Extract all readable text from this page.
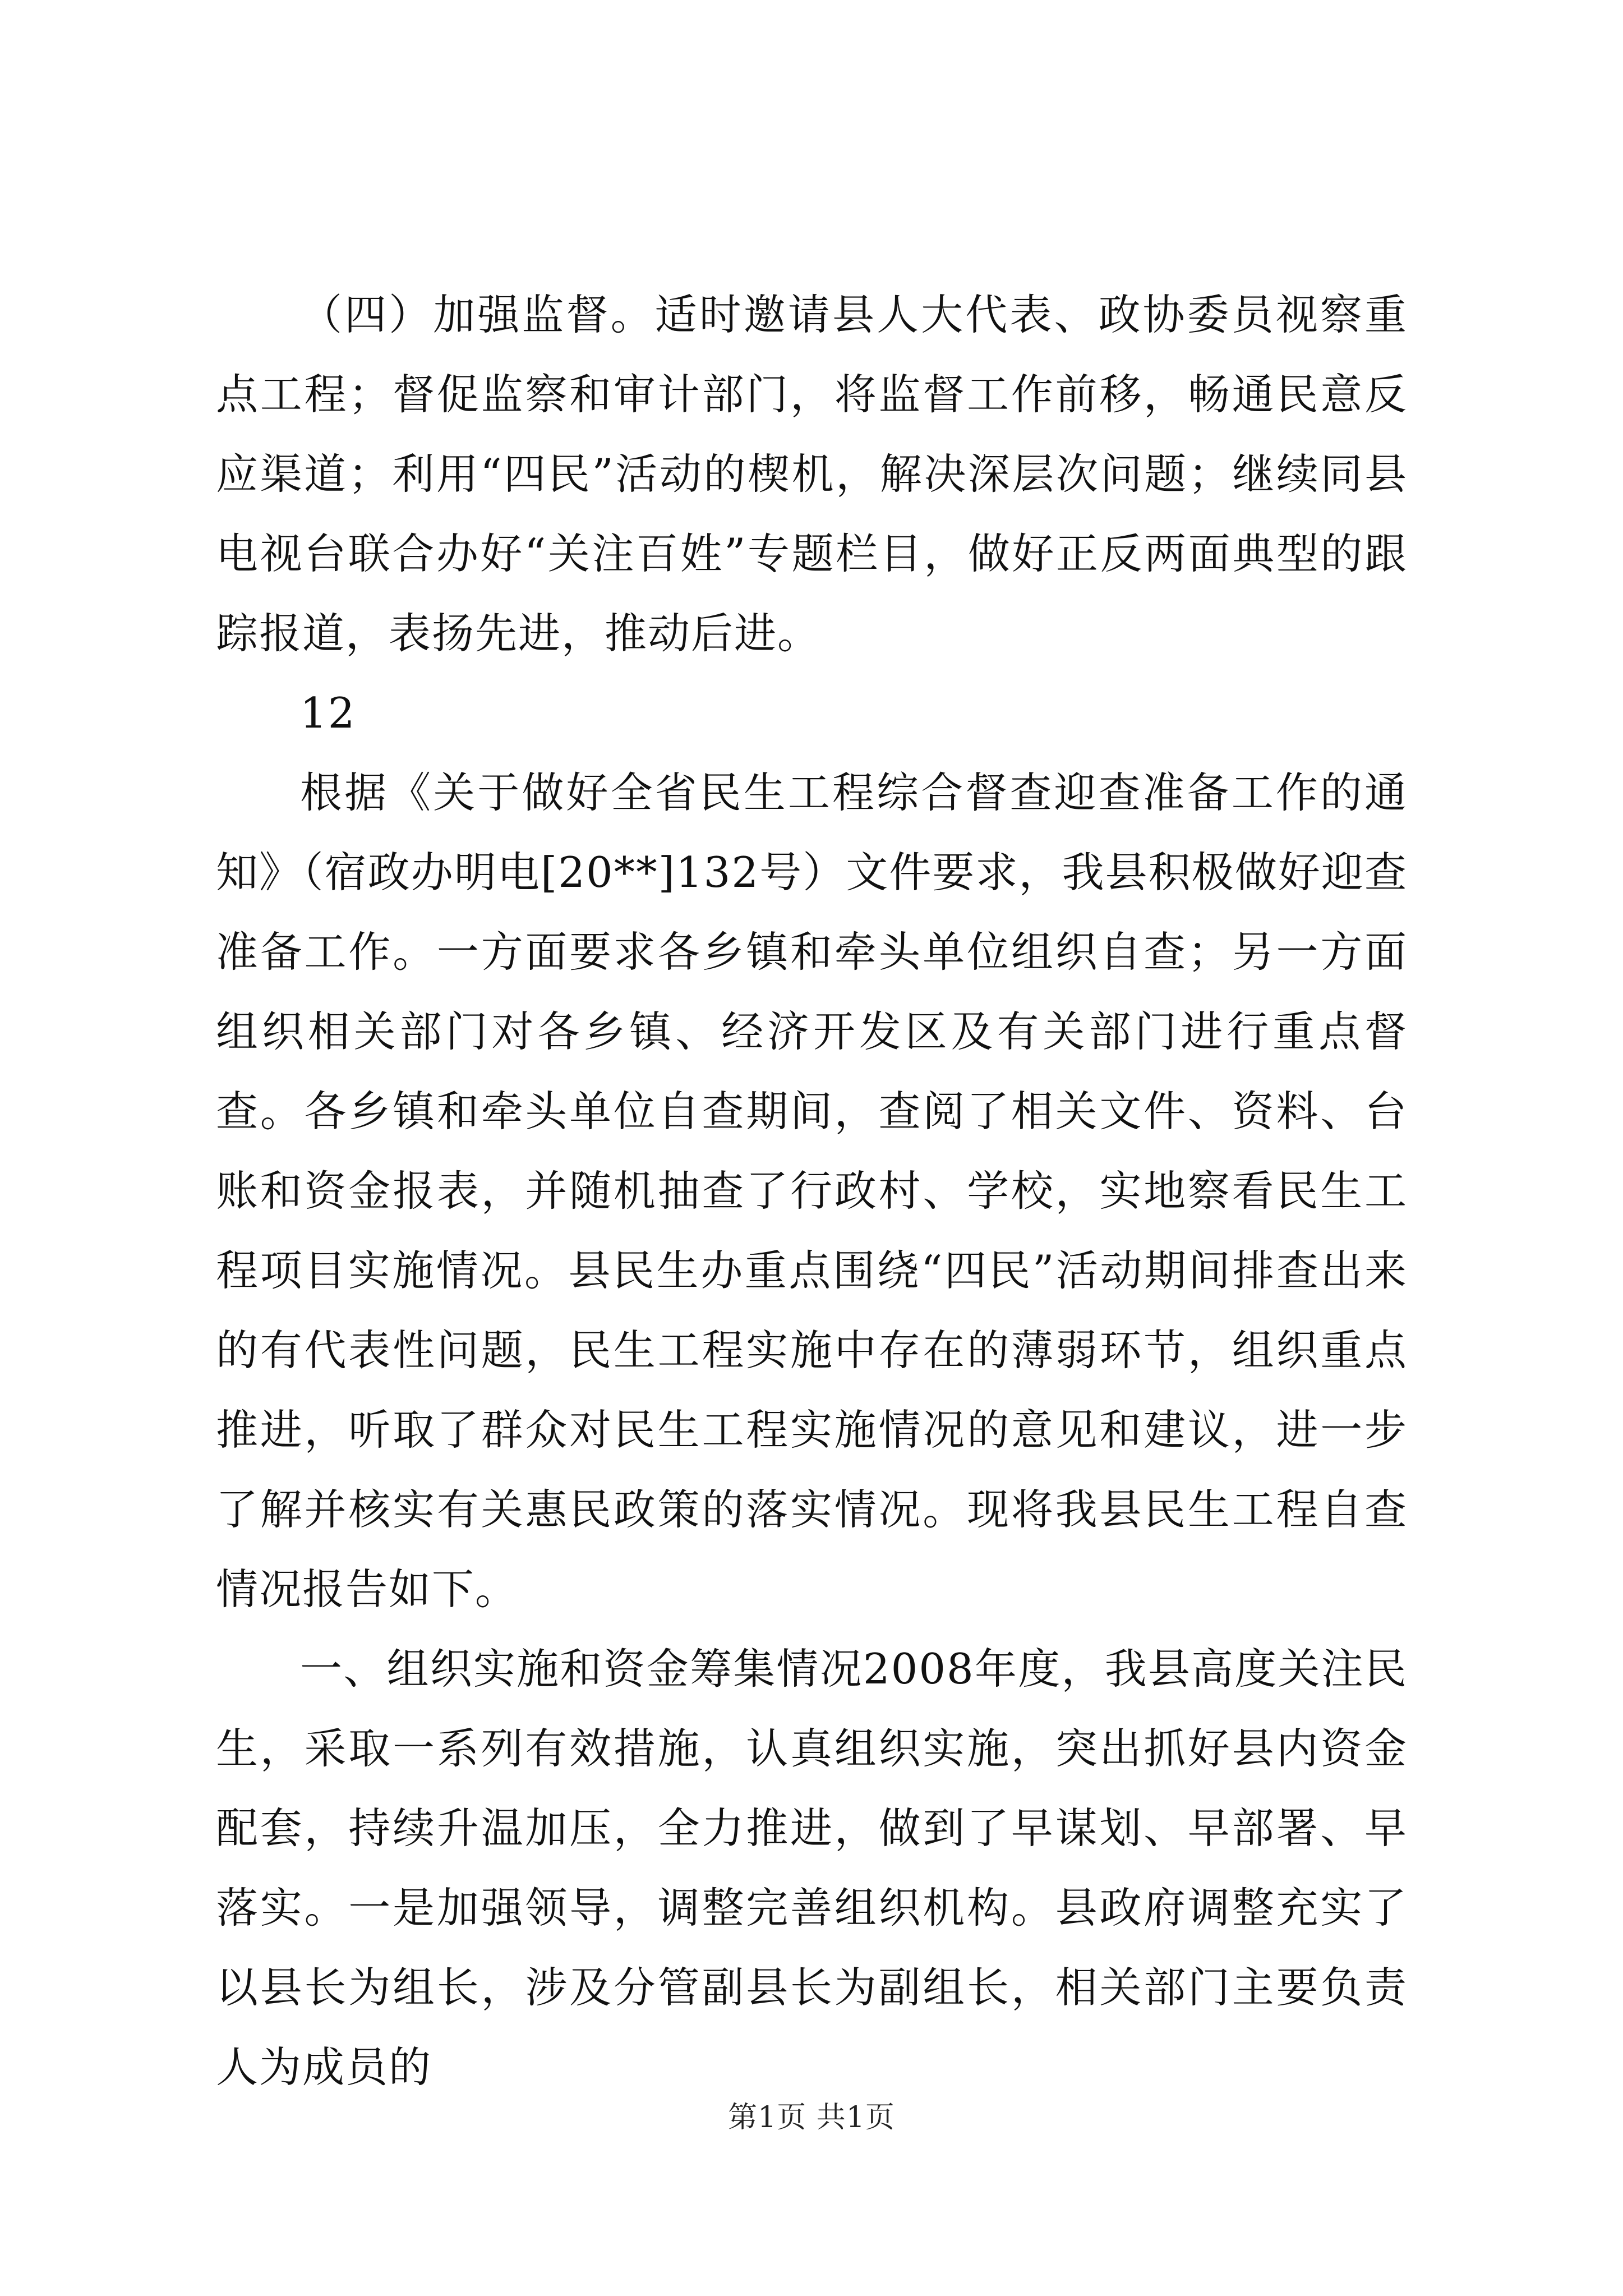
（四）加强监督。适时邀请县人大代表、政协委员视察重点工程；督促监察和审计部门，将监督工作前移，畅通民意反应渠道；利用“四民”活动的楔机，解决深层次问题；继续同县电视台联合办好“关注百姓”专题栏目，做好正反两面典型的跟踪报道，表扬先进，推动后进。

12

根据《关于做好全省民生工程综合督查迎查准备工作的通知》（宿政办明电[20**]132号）文件要求，我县积极做好迎查准备工作。一方面要求各乡镇和牵头单位组织自查；另一方面组织相关部门对各乡镇、经济开发区及有关部门进行重点督查。各乡镇和牵头单位自查期间，查阅了相关文件、资料、台账和资金报表，并随机抽查了行政村、学校，实地察看民生工程项目实施情况。县民生办重点围绕“四民”活动期间排查出来的有代表性问题，民生工程实施中存在的薄弱环节，组织重点推进，听取了群众对民生工程实施情况的意见和建议，进一步了解并核实有关惠民政策的落实情况。现将我县民生工程自查情况报告如下。

一、组织实施和资金筹集情况2008年度，我县高度关注民生，采取一系列有效措施，认真组织实施，突出抓好县内资金配套，持续升温加压，全力推进，做到了早谋划、早部署、早落实。一是加强领导，调整完善组织机构。县政府调整充实了以县长为组长，涉及分管副县长为副组长，相关部门主要负责人为成员的

第1页 共1页
